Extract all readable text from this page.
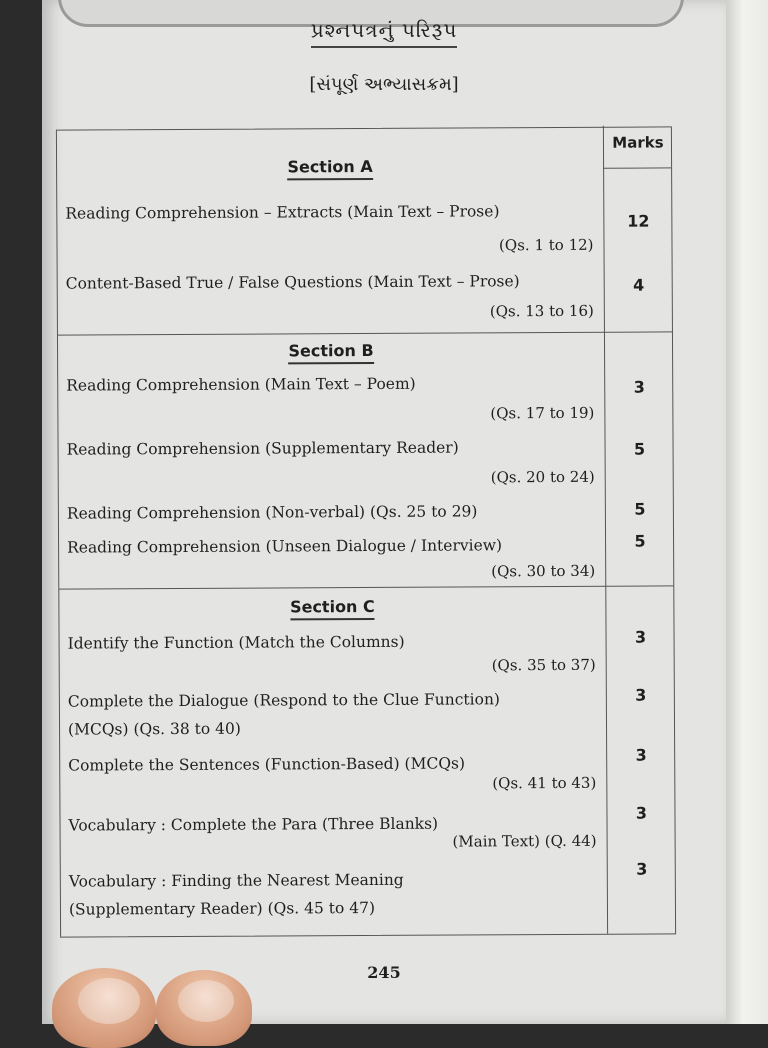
પ્રશ્નપત્રનું પરિરૂપ
[સંપૂર્ણ અભ્યાસક્રમ]
Marks
Section A
Reading Comprehension – Extracts (Main Text – Prose)
(Qs. 1 to 12)
12
Content-Based True / False Questions (Main Text – Prose)
(Qs. 13 to 16)
4
Section B
Reading Comprehension (Main Text – Poem)
(Qs. 17 to 19)
3
Reading Comprehension (Supplementary Reader)
(Qs. 20 to 24)
5
Reading Comprehension (Non-verbal) (Qs. 25 to 29)	5
Reading Comprehension (Unseen Dialogue / Interview)
(Qs. 30 to 34)
5
Section C
Identify the Function (Match the Columns)
(Qs. 35 to 37)
3
Complete the Dialogue (Respond to the Clue Function)
(MCQs) (Qs. 38 to 40)
3
Complete the Sentences (Function-Based) (MCQs)
(Qs. 41 to 43)
3
Vocabulary : Complete the Para (Three Blanks)
(Main Text) (Q. 44)
3
Vocabulary : Finding the Nearest Meaning
(Supplementary Reader) (Qs. 45 to 47)
3
245
